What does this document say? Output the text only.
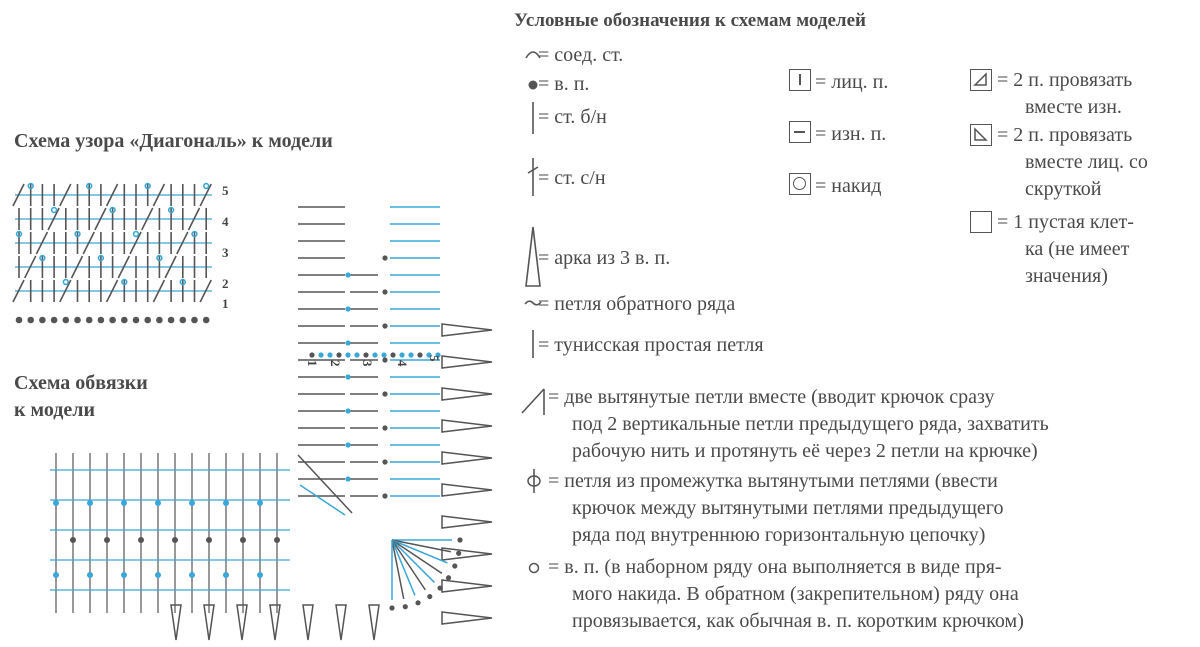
Схема узора «Диагональ» к модели
Схема обвязки
к модели
5
4
3
2
1
1 2 3 4
5
Условные обозначения к схемам моделей
= соед. ст.
= в. п.
= ст. б/н
= ст. с/н
= арка из 3 в. п.
= петля обратного ряда
= тунисская простая петля
= лиц. п.
= изн. п.
= накид
= 2 п. провязать
вместе изн.
= 2 п. провязать
вместе лиц. со
скруткой
= 1 пустая клет-
ка (не имеет
значения)
= две вытянутые петли вместе (вводит крючок сразу
под 2 вертикальные петли предыдущего ряда, захватить
рабочую нить и протянуть её через 2 петли на крючке)
= петля из промежутка вытянутыми петлями (ввести
крючок между вытянутыми петлями предыдущего
ряда под внутреннюю горизонтальную цепочку)
= в. п. (в наборном ряду она выполняется в виде пря-
мого накида. В обратном (закрепительном) ряду она
провязывается, как обычная в. п. коротким крючком)
